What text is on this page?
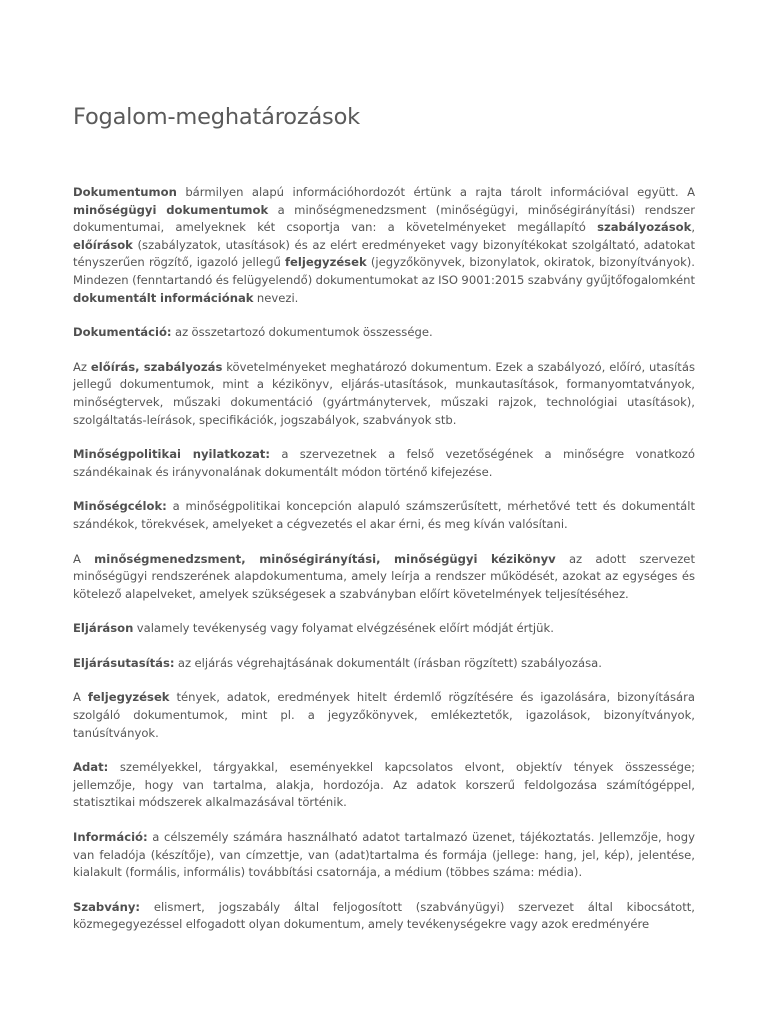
Fogalom-meghatározások

Dokumentumon bármilyen alapú információhordozót értünk a rajta tárolt információval együtt. A minőségügyi dokumentumok a minőségmenedzsment (minőségügyi, minőségirányítási) rendszer dokumentumai, amelyeknek két csoportja van: a követelményeket megállapító szabályozások, előírások (szabályzatok, utasítások) és az elért eredményeket vagy bizonyítékokat szolgáltató, adatokat tényszerűen rögzítő, igazoló jellegű feljegyzések (jegyzőkönyvek, bizonylatok, okiratok, bizonyítványok). Mindezen (fenntartandó és felügyelendő) dokumentumokat az ISO 9001:2015 szabvány gyűjtőfogalomként dokumentált információnak nevezi.

Dokumentáció: az összetartozó dokumentumok összessége.

Az előírás, szabályozás követelményeket meghatározó dokumentum. Ezek a szabályozó, előíró, utasítás jellegű dokumentumok, mint a kézikönyv, eljárás-utasítások, munkautasítások, formanyomtatványok, minőségtervek, műszaki dokumentáció (gyártmánytervek, műszaki rajzok, technológiai utasítások), szolgáltatás-leírások, specifikációk, jogszabályok, szabványok stb.

Minőségpolitikai nyilatkozat: a szervezetnek a felső vezetőségének a minőségre vonatkozó szándékainak és irányvonalának dokumentált módon történő kifejezése.

Minőségcélok: a minőségpolitikai koncepción alapuló számszerűsített, mérhetővé tett és dokumentált szándékok, törekvések, amelyeket a cégvezetés el akar érni, és meg kíván valósítani.

A minőségmenedzsment, minőségirányítási, minőségügyi kézikönyv az adott szervezet minőségügyi rendszerének alapdokumentuma, amely leírja a rendszer működését, azokat az egységes és kötelező alapelveket, amelyek szükségesek a szabványban előírt követelmények teljesítéséhez.

Eljáráson valamely tevékenység vagy folyamat elvégzésének előírt módját értjük.

Eljárásutasítás: az eljárás végrehajtásának dokumentált (írásban rögzített) szabályozása.

A feljegyzések tények, adatok, eredmények hitelt érdemlő rögzítésére és igazolására, bizonyítására szolgáló dokumentumok, mint pl. a jegyzőkönyvek, emlékeztetők, igazolások, bizonyítványok, tanúsítványok.

Adat: személyekkel, tárgyakkal, eseményekkel kapcsolatos elvont, objektív tények összessége; jellemzője, hogy van tartalma, alakja, hordozója. Az adatok korszerű feldolgozása számítógéppel, statisztikai módszerek alkalmazásával történik.

Információ: a célszemély számára használható adatot tartalmazó üzenet, tájékoztatás. Jellemzője, hogy van feladója (készítője), van címzettje, van (adat)tartalma és formája (jellege: hang, jel, kép), jelentése, kialakult (formális, informális) továbbítási csatornája, a médium (többes száma: média).

Szabvány: elismert, jogszabály által feljogosított (szabványügyi) szervezet által kibocsátott, közmegegyezéssel elfogadott olyan dokumentum, amely tevékenységekre vagy azok eredményére
